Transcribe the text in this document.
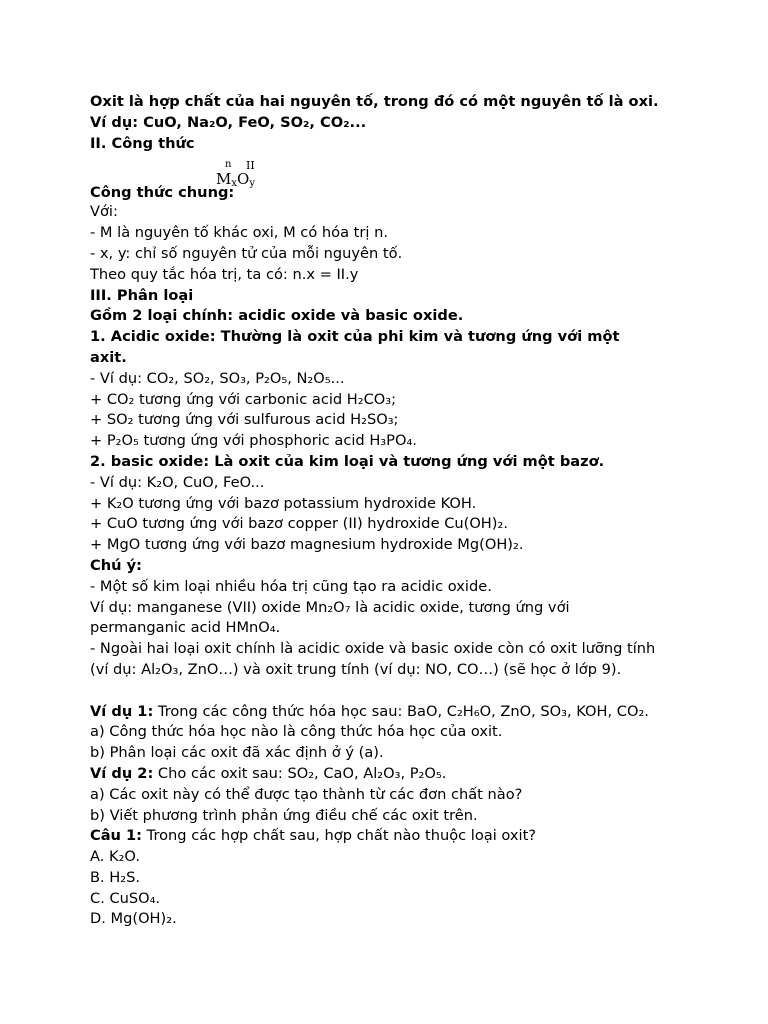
Oxit là hợp chất của hai nguyên tố, trong đó có một nguyên tố là oxi.
Ví dụ: CuO, Na₂O, FeO, SO₂, CO₂...
II. Công thức
Công thức chung:
n II
$M_xO_y$
Với:
- M là nguyên tố khác oxi, M có hóa trị n.
- x, y: chỉ số nguyên tử của mỗi nguyên tố.
Theo quy tắc hóa trị, ta có: n.x = II.y
III. Phân loại
Gồm 2 loại chính: acidic oxide và basic oxide.
1. Acidic oxide: Thường là oxit của phi kim và tương ứng với một
axit.
- Ví dụ: CO₂, SO₂, SO₃, P₂O₅, N₂O₅...
+ CO₂ tương ứng với carbonic acid H₂CO₃;
+ SO₂ tương ứng với sulfurous acid H₂SO₃;
+ P₂O₅ tương ứng với phosphoric acid H₃PO₄.
2. basic oxide: Là oxit của kim loại và tương ứng với một bazơ.
- Ví dụ: K₂O, CuO, FeO...
+ K₂O tương ứng với bazơ potassium hydroxide KOH.
+ CuO tương ứng với bazơ copper (II) hydroxide Cu(OH)₂.
+ MgO tương ứng với bazơ magnesium hydroxide Mg(OH)₂.
Chú ý:
- Một số kim loại nhiều hóa trị cũng tạo ra acidic oxide.
Ví dụ: manganese (VII) oxide Mn₂O₇ là acidic oxide, tương ứng với
permanganic acid HMnO₄.
- Ngoài hai loại oxit chính là acidic oxide và basic oxide còn có oxit lưỡng tính
(ví dụ: Al₂O₃, ZnO…) và oxit trung tính (ví dụ: NO, CO…) (sẽ học ở lớp 9).
Ví dụ 1: Trong các công thức hóa học sau: BaO, C₂H₆O, ZnO, SO₃, KOH, CO₂.
a) Công thức hóa học nào là công thức hóa học của oxit.
b) Phân loại các oxit đã xác định ở ý (a).
Ví dụ 2: Cho các oxit sau: SO₂, CaO, Al₂O₃, P₂O₅.
a) Các oxit này có thể được tạo thành từ các đơn chất nào?
b) Viết phương trình phản ứng điều chế các oxit trên.
Câu 1: Trong các hợp chất sau, hợp chất nào thuộc loại oxit?
A. K₂O.
B. H₂S.
C. CuSO₄.
D. Mg(OH)₂.
